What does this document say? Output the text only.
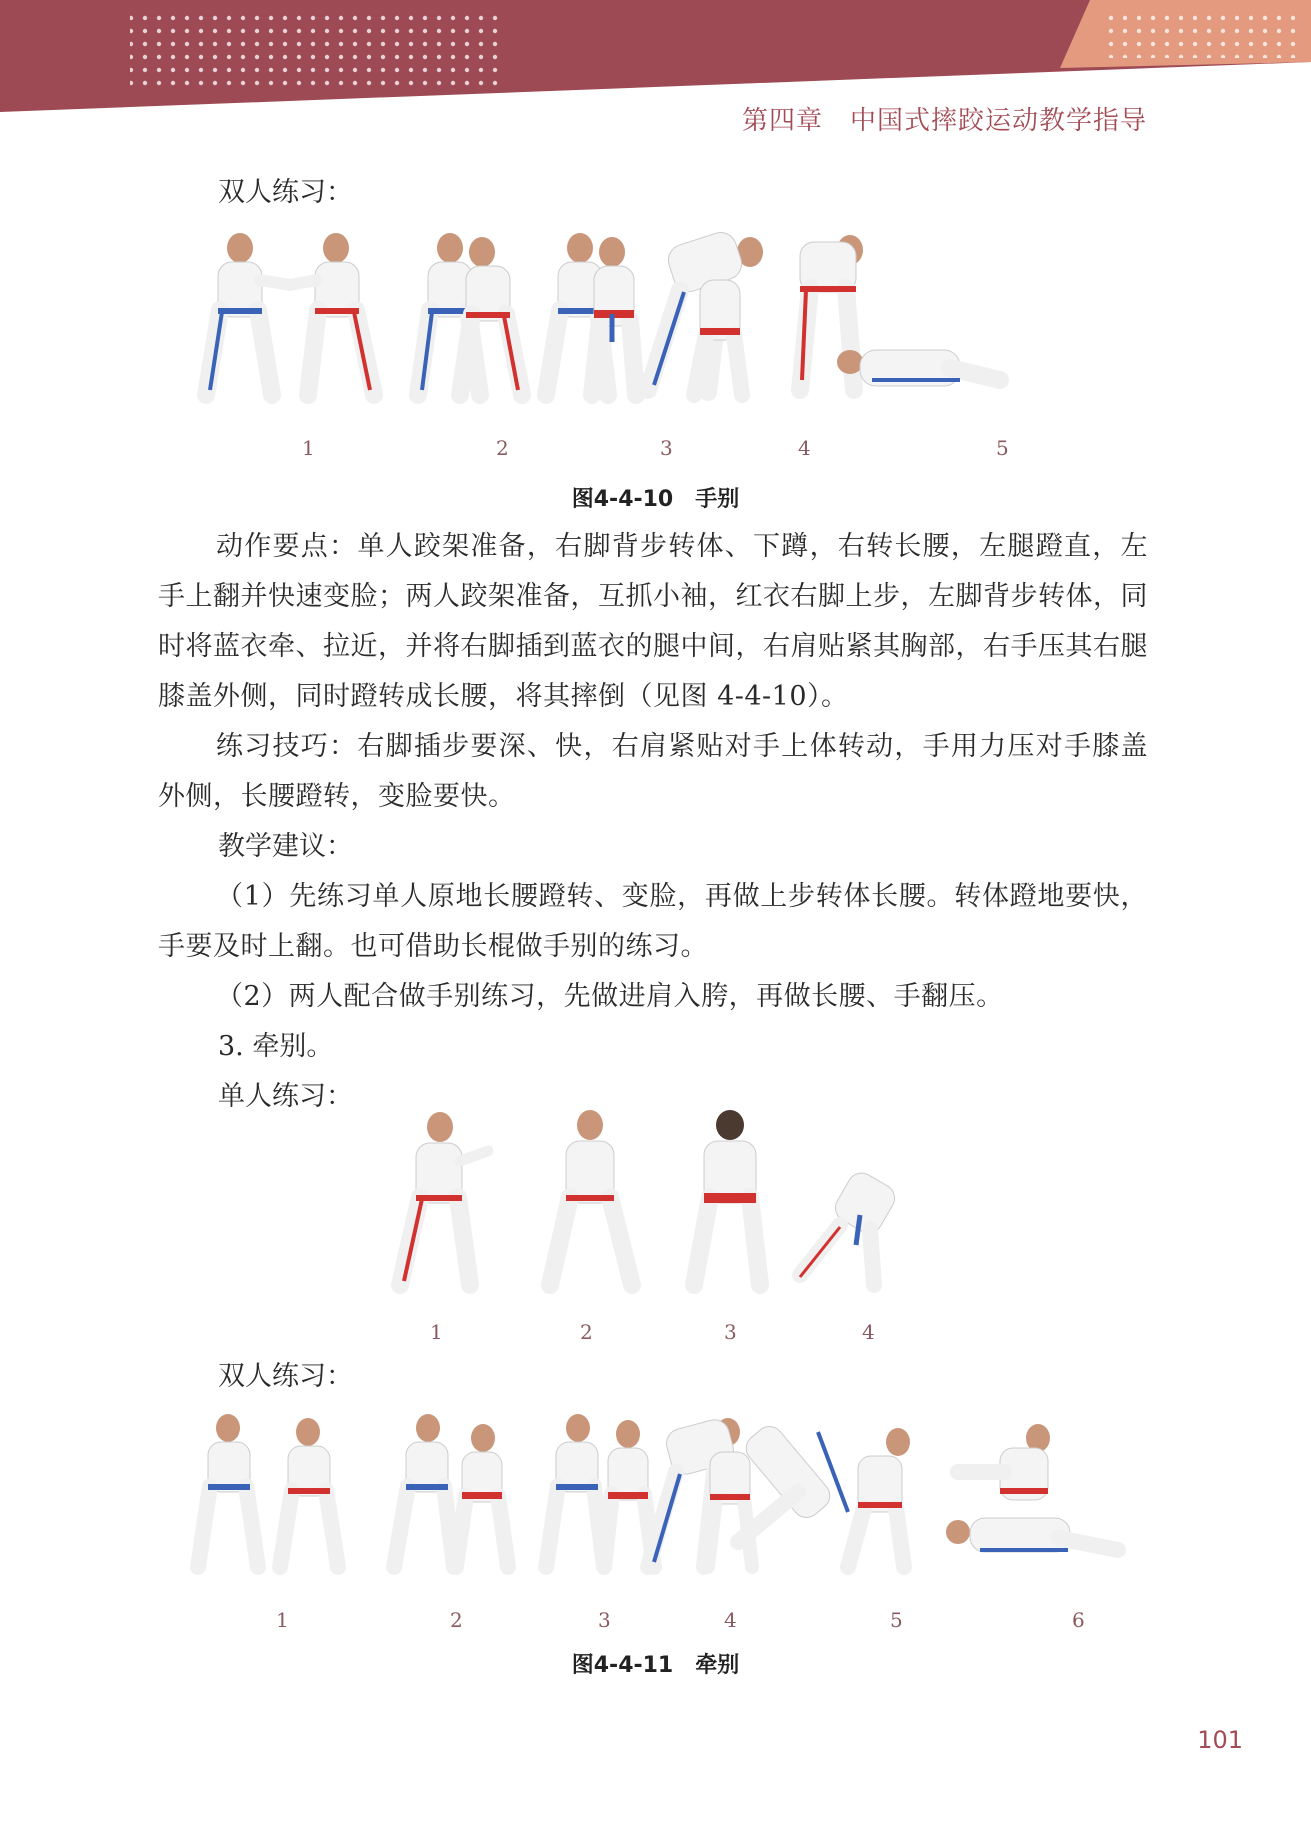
第四章　中国式摔跤运动教学指导
双人练习：
1	2	3	4	5
图4-4-10　手别

动作要点：单人跤架准备，右脚背步转体、下蹲，右转长腰，左腿蹬直，左手上翻并快速变脸；两人跤架准备，互抓小袖，红衣右脚上步，左脚背步转体，同时将蓝衣牵、拉近，并将右脚插到蓝衣的腿中间，右肩贴紧其胸部，右手压其右腿膝盖外侧，同时蹬转成长腰，将其摔倒（见图 4-4-10）。

练习技巧：右脚插步要深、快，右肩紧贴对手上体转动，手用力压对手膝盖外侧，长腰蹬转，变脸要快。

教学建议：

（1）先练习单人原地长腰蹬转、变脸，再做上步转体长腰。转体蹬地要快，手要及时上翻。也可借助长棍做手别的练习。

（2）两人配合做手别练习，先做进肩入胯，再做长腰、手翻压。

3. 牵别。
单人练习：
1	2	3	4
双人练习：
1	2	3	4	5	6
图4-4-11　牵别
101
